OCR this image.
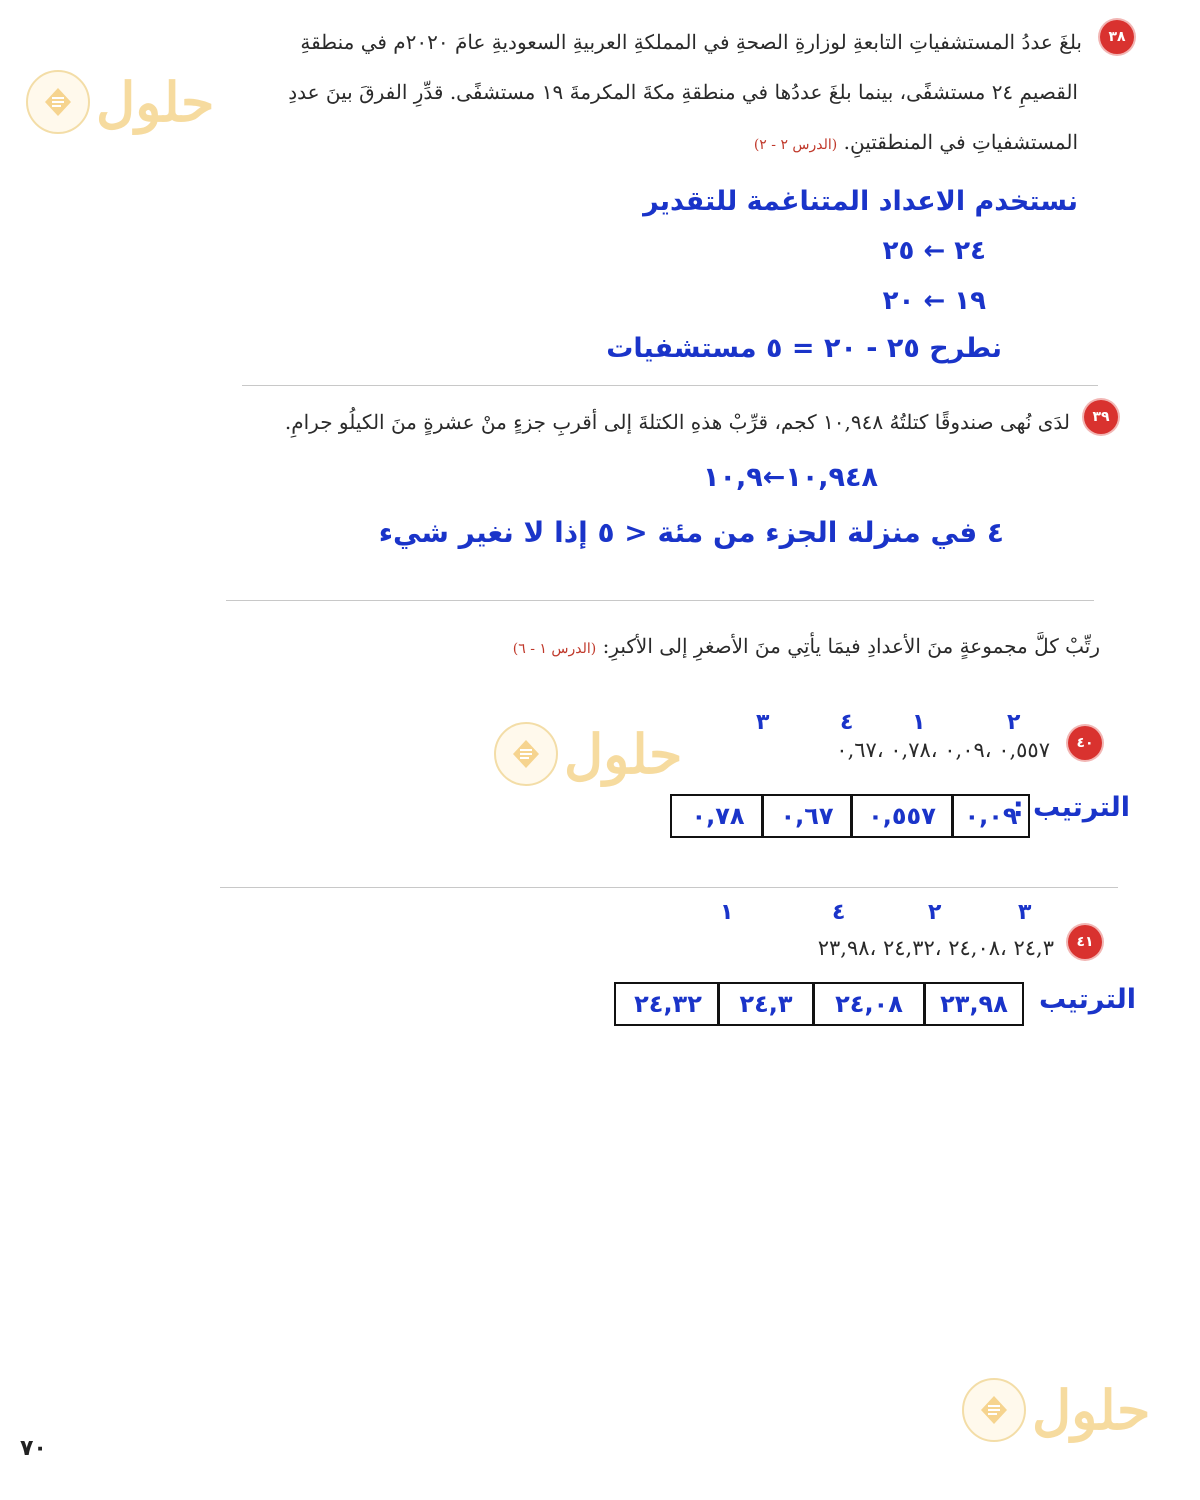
٣٨
بلغَ عددُ المستشفياتِ التابعةِ لوزارةِ الصحةِ في المملكةِ العربيةِ السعوديةِ عامَ ٢٠٢٠م في منطقةِ
القصيمِ ٢٤ مستشفًى، بينما بلغَ عددُها في منطقةِ مكةَ المكرمةَ ١٩ مستشفًى. قدِّرِ الفرقَ بينَ عددِ
المستشفياتِ في المنطقتينِ. (الدرس ٢ - ٢)
نستخدم الاعداد المتناغمة للتقدير
٢٤ ← ٢٥
١٩ ← ٢٠
نطرح ٢٥ - ٢٠ = ٥ مستشفيات
٣٩
لدَى نُهى صندوقًا كتلتُهُ ١٠,٩٤٨ كجم، قرِّبْ هذهِ الكتلةَ إلى أقربِ جزءٍ منْ عشرةٍ منَ الكيلُو جرامِ.
١٠,٩٤٨←١٠,٩
٤ في منزلة الجزء من مئة < ٥ إذا لا نغير شيء
رتِّبْ كلَّ مجموعةٍ منَ الأعدادِ فيمَا يأتِي منَ الأصغرِ إلى الأكبرِ: (الدرس ١ - ٦)
٤٠
٢
١
٤
٣
٠,٥٥٧ ،٠,٠٩ ،٠,٧٨ ،٠,٦٧
الترتيب :
٠,٠٩
٠,٥٥٧
٠,٦٧
٠,٧٨
٤١
٣
٢
٤
١
٢٤,٣ ،٢٤,٠٨ ،٢٤,٣٢ ،٢٣,٩٨
الترتيب
٢٣,٩٨
٢٤,٠٨
٢٤,٣
٢٤,٣٢
حلول
حلول
حلول
٧٠
